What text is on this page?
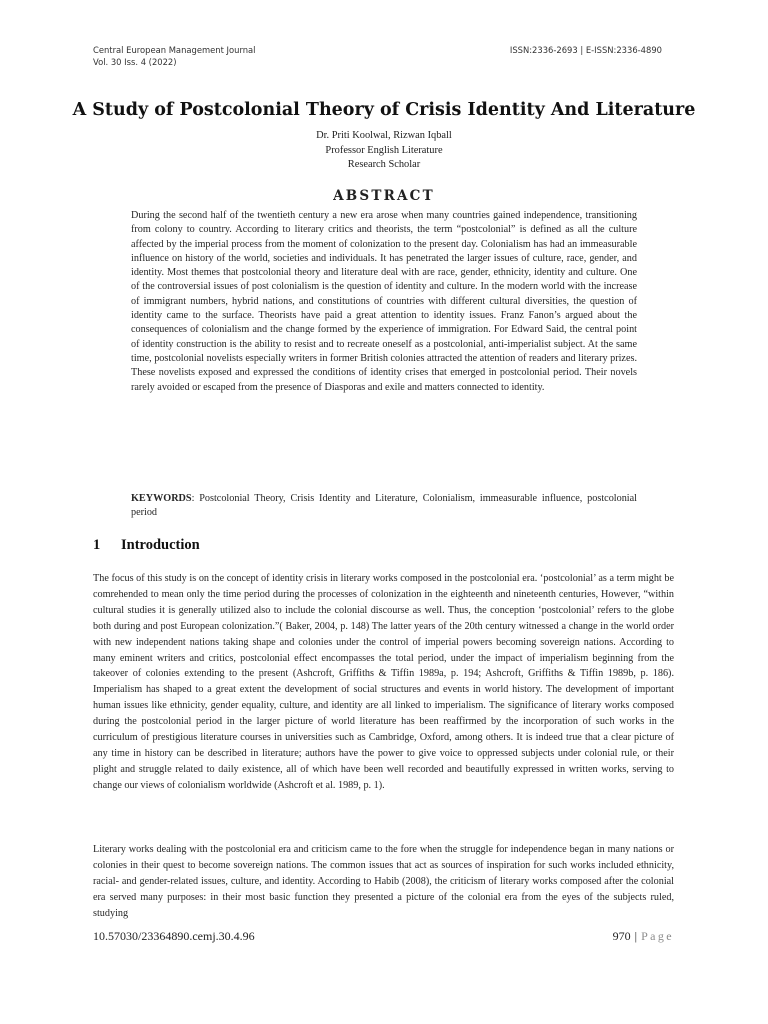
Central European Management Journal
Vol. 30 Iss. 4 (2022)
ISSN:2336-2693 | E-ISSN:2336-4890
A Study of Postcolonial Theory of Crisis Identity And Literature
Dr. Priti Koolwal, Rizwan Iqball
Professor English Literature
Research Scholar
ABSTRACT

During the second half of the twentieth century a new era arose when many countries gained independence, transitioning from colony to country. According to literary critics and theorists, the term “postcolonial” is defined as all the culture affected by the imperial process from the moment of colonization to the present day. Colonialism has had an immeasurable influence on history of the world, societies and individuals. It has penetrated the larger issues of culture, race, gender, and identity. Most themes that postcolonial theory and literature deal with are race, gender, ethnicity, identity and culture. One of the controversial issues of post colonialism is the question of identity and culture. In the modern world with the increase of immigrant numbers, hybrid nations, and constitutions of countries with different cultural diversities, the question of identity came to the surface. Theorists have paid a great attention to identity issues. Franz Fanon’s argued about the consequences of colonialism and the change formed by the experience of immigration. For Edward Said, the central point of identity construction is the ability to resist and to recreate oneself as a postcolonial, anti-imperialist subject. At the same time, postcolonial novelists especially writers in former British colonies attracted the attention of readers and literary prizes. These novelists exposed and expressed the conditions of identity crises that emerged in postcolonial period. Their novels rarely avoided or escaped from the presence of Diasporas and exile and matters connected to identity.

KEYWORDS: Postcolonial Theory, Crisis Identity and Literature, Colonialism, immeasurable influence, postcolonial period

1 Introduction

The focus of this study is on the concept of identity crisis in literary works composed in the postcolonial era. ‘postcolonial’ as a term might be comrehended to mean only the time period during the processes of colonization in the eighteenth and nineteenth centuries, However, “within cultural studies it is generally utilized also to include the colonial discourse as well. Thus, the conception ‘postcolonial’ refers to the globe both during and post European colonization.”( Baker, 2004, p. 148) The latter years of the 20th century witnessed a change in the world order with new independent nations taking shape and colonies under the control of imperial powers becoming sovereign nations. According to many eminent writers and critics, postcolonial effect encompasses the total period, under the impact of imperialism beginning from the takeover of colonies extending to the present (Ashcroft, Griffiths & Tiffin 1989a, p. 194; Ashcroft, Griffiths & Tiffin 1989b, p. 186). Imperialism has shaped to a great extent the development of social structures and events in world history. The development of important human issues like ethnicity, gender equality, culture, and identity are all linked to imperialism. The significance of literary works composed during the postcolonial period in the larger picture of world literature has been reaffirmed by the incorporation of such works in the curriculum of prestigious literature courses in universities such as Cambridge, Oxford, among others. It is indeed true that a clear picture of any time in history can be described in literature; authors have the power to give voice to oppressed subjects under colonial rule, or their plight and struggle related to daily existence, all of which have been well recorded and beautifully expressed in written works, serving to change our views of colonialism worldwide (Ashcroft et al. 1989, p. 1).

Literary works dealing with the postcolonial era and criticism came to the fore when the struggle for independence began in many nations or colonies in their quest to become sovereign nations. The common issues that act as sources of inspiration for such works included ethnicity, racial- and gender-related issues, culture, and identity. According to Habib (2008), the criticism of literary works composed after the colonial era served many purposes: in their most basic function they presented a picture of the colonial era from the eyes of the subjects ruled, studying

10.57030/23364890.cemj.30.4.96	970 | Page
